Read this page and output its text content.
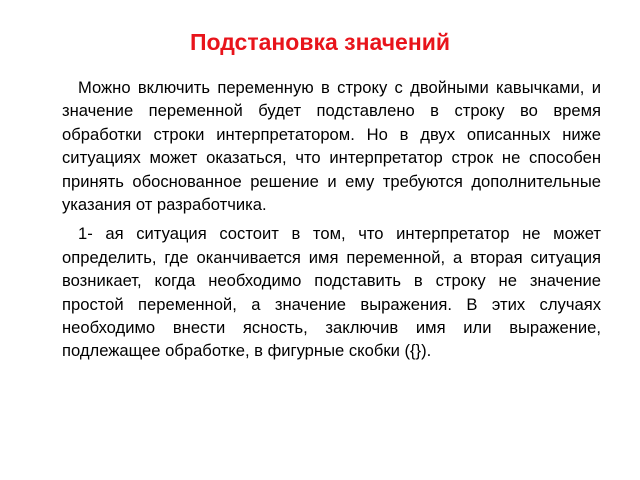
Подстановка значений

Можно включить переменную в строку с двойными кавычками, и значение переменной будет подставлено в строку во время обработки строки интерпретатором. Но в двух описанных ниже ситуациях может оказаться, что интерпретатор строк не способен принять обоснованное решение и ему требуются дополнительные указания от разработчика.

1- ая ситуация состоит в том, что интерпретатор не может определить, где оканчивается имя переменной, а вторая ситуация возникает, когда необходимо подставить в строку не значение простой переменной, а значение выражения. В этих случаях необходимо внести ясность, заключив имя или выражение, подлежащее обработке, в фигурные скобки ({}).
